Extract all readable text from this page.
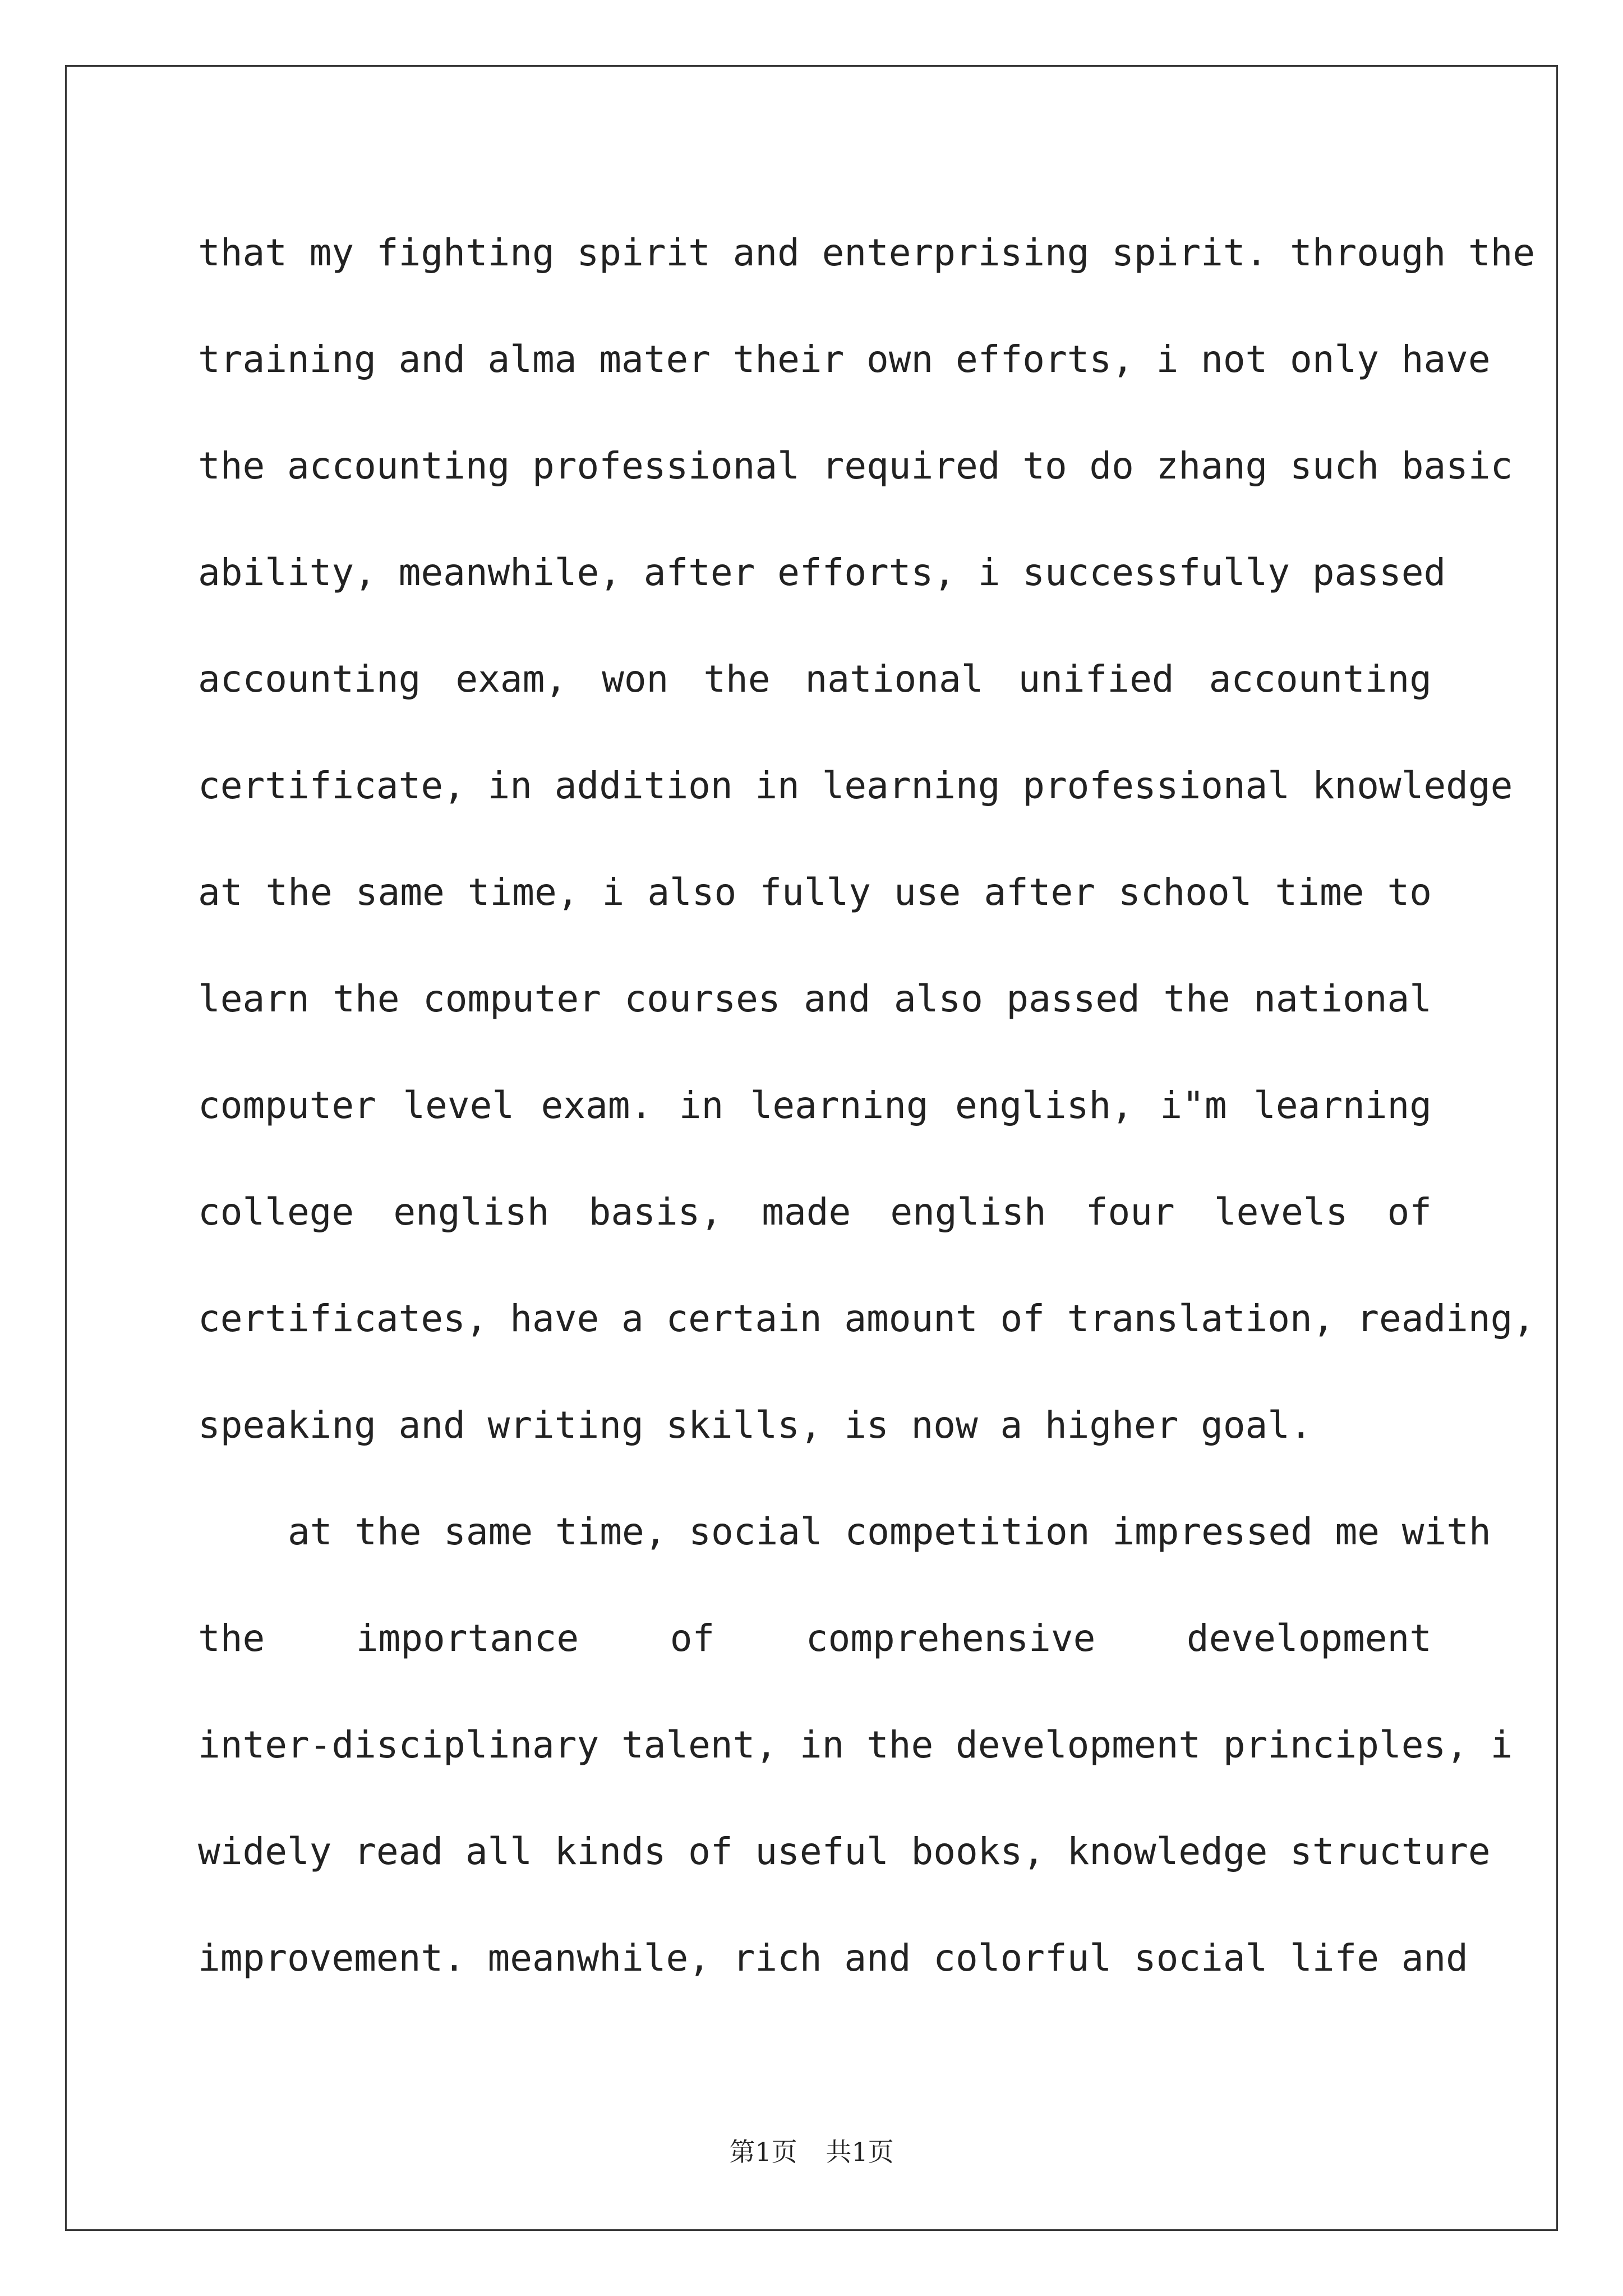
that my fighting spirit and enterprising spirit. through the
training and alma mater their own efforts, i not only have
the accounting professional required to do zhang such basic
ability, meanwhile, after efforts, i successfully passed
accounting exam, won the national unified accounting
certificate, in addition in learning professional knowledge
at the same time, i also fully use after school time to
learn the computer courses and also passed the national
computer level exam. in learning english, i"m learning
college english basis, made english four levels of
certificates, have a certain amount of translation, reading,
speaking and writing skills, is now a higher goal.
at the same time, social competition impressed me with
the importance of comprehensive development
inter-disciplinary talent, in the development principles, i
widely read all kinds of useful books, knowledge structure
improvement. meanwhile, rich and colorful social life and
第1页 共1页
